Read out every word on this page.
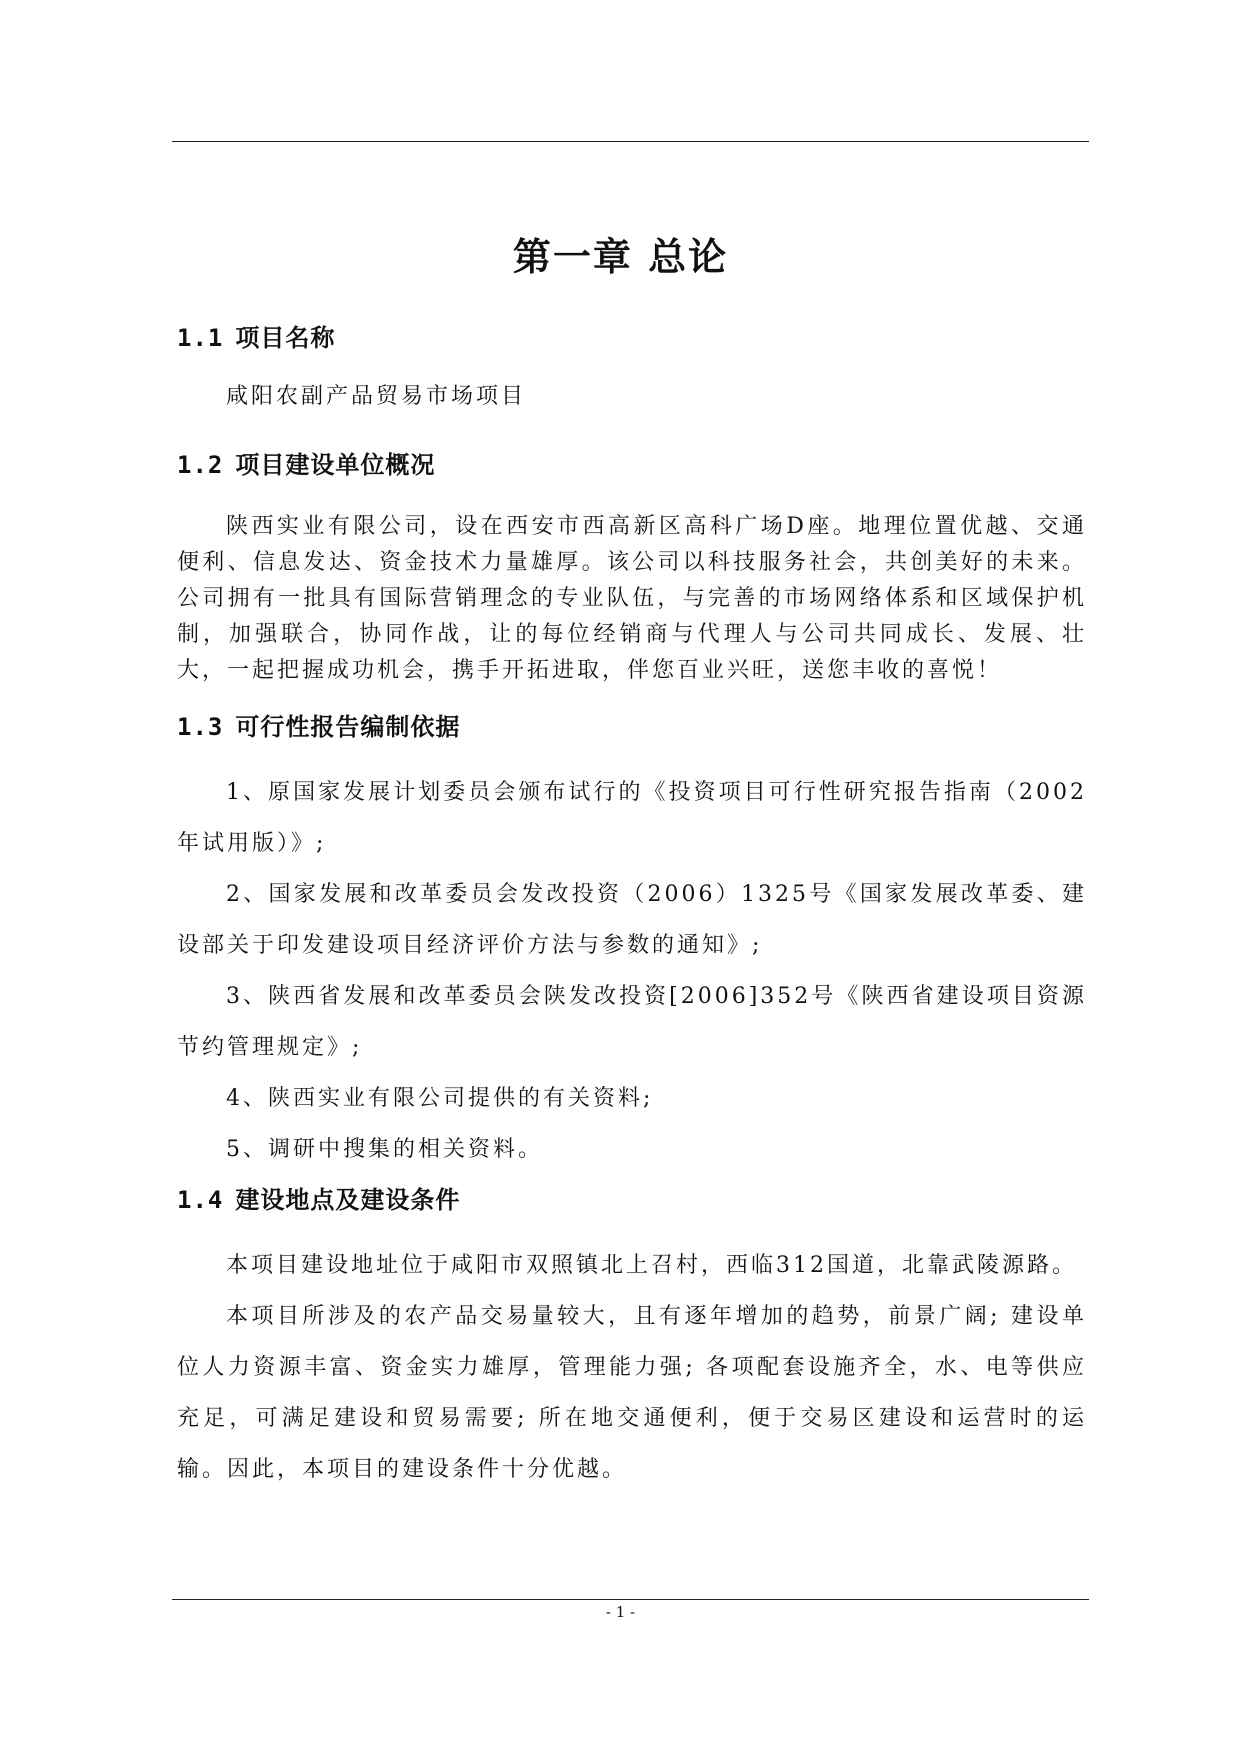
第一章 总论
1.1 项目名称

咸阳农副产品贸易市场项目

1.2 项目建设单位概况

陕西实业有限公司，设在西安市西高新区高科广场D座。地理位置优越、交通便利、信息发达、资金技术力量雄厚。该公司以科技服务社会，共创美好的未来。公司拥有一批具有国际营销理念的专业队伍，与完善的市场网络体系和区域保护机制，加强联合，协同作战，让的每位经销商与代理人与公司共同成长、发展、壮大，一起把握成功机会，携手开拓进取，伴您百业兴旺，送您丰收的喜悦！

1.3 可行性报告编制依据

1、原国家发展计划委员会颁布试行的《投资项目可行性研究报告指南（2002年试用版）》;

2、国家发展和改革委员会发改投资（2006）1325号《国家发展改革委、建设部关于印发建设项目经济评价方法与参数的通知》;

3、陕西省发展和改革委员会陕发改投资[2006]352号《陕西省建设项目资源节约管理规定》;

4、陕西实业有限公司提供的有关资料;

5、调研中搜集的相关资料。

1.4 建设地点及建设条件

本项目建设地址位于咸阳市双照镇北上召村，西临312国道，北靠武陵源路。

本项目所涉及的农产品交易量较大，且有逐年增加的趋势，前景广阔; 建设单位人力资源丰富、资金实力雄厚，管理能力强; 各项配套设施齐全，水、电等供应充足，可满足建设和贸易需要; 所在地交通便利，便于交易区建设和运营时的运输。因此，本项目的建设条件十分优越。

- 1 -
